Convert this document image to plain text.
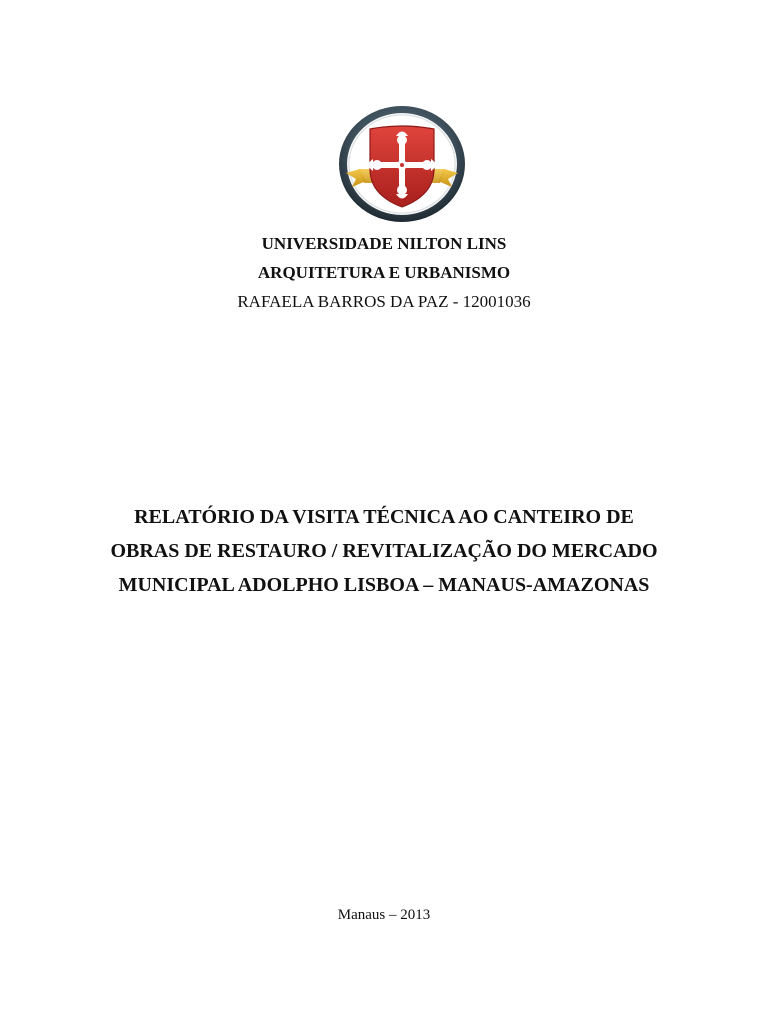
UNIVERSIDADE NILTON LINS

ARQUITETURA E URBANISMO

RAFAELA BARROS DA PAZ - 12001036

RELATÓRIO DA VISITA TÉCNICA AO CANTEIRO DE

OBRAS DE RESTAURO / REVITALIZAÇÃO DO MERCADO

MUNICIPAL ADOLPHO LISBOA – MANAUS-AMAZONAS

Manaus – 2013
